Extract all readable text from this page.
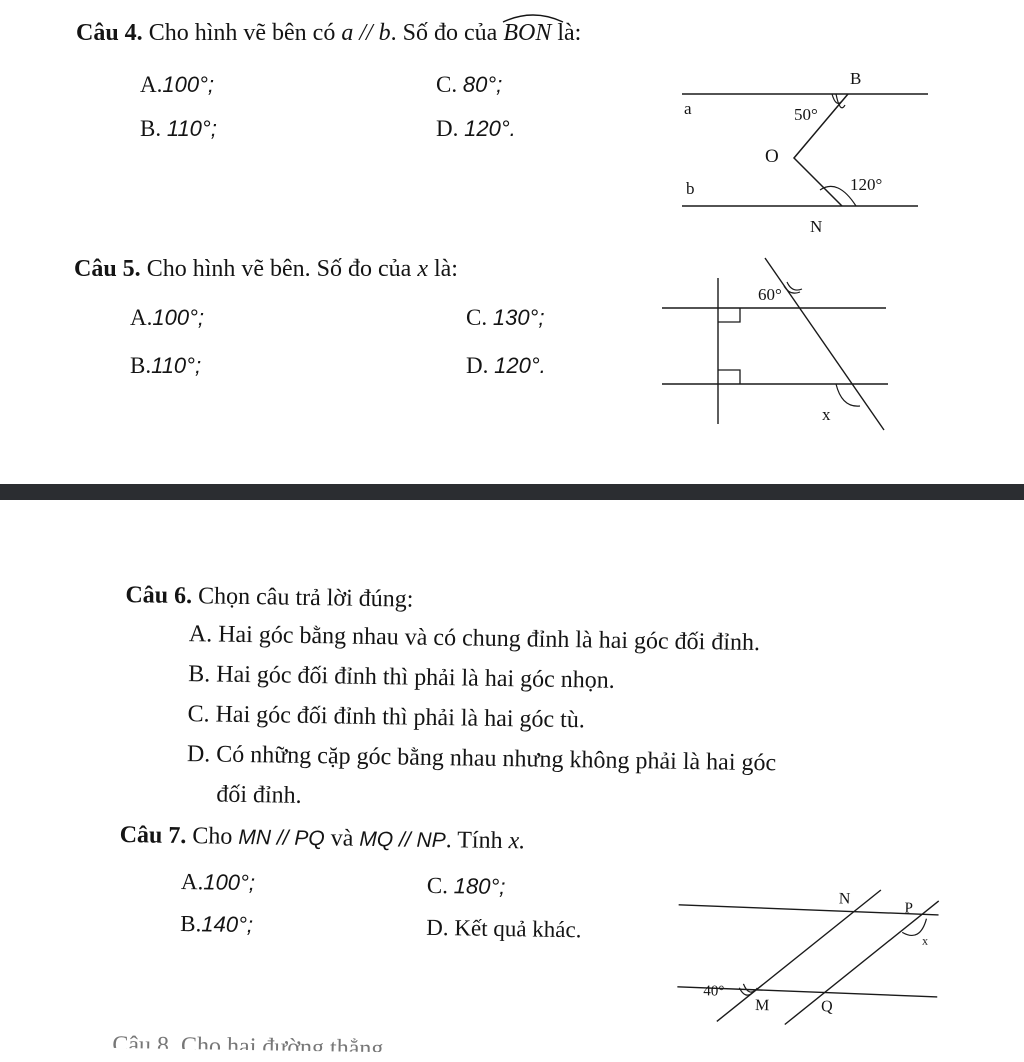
Câu 4. Cho hình vẽ bên có a // b. Số đo của BON là:
A.100°;
B. 110°;
C. 80°;
D. 120°.
a
b
B
O
N
50°
120°
Câu 5. Cho hình vẽ bên. Số đo của x là:
A.100°;
B.110°;
C. 130°;
D. 120°.
60°
x
Câu 6. Chọn câu trả lời đúng:
A. Hai góc bằng nhau và có chung đỉnh là hai góc đối đỉnh.
B. Hai góc đối đỉnh thì phải là hai góc nhọn.
C. Hai góc đối đỉnh thì phải là hai góc tù.
D. Có những cặp góc bằng nhau nhưng không phải là hai góc
đối đỉnh.
Câu 7. Cho MN // PQ và MQ // NP. Tính x.
A.100°;
B.140°;
C. 180°;
D. Kết quả khác.
N
P
M	Q
40°
x
Câu 8. Cho hai đường thẳng
